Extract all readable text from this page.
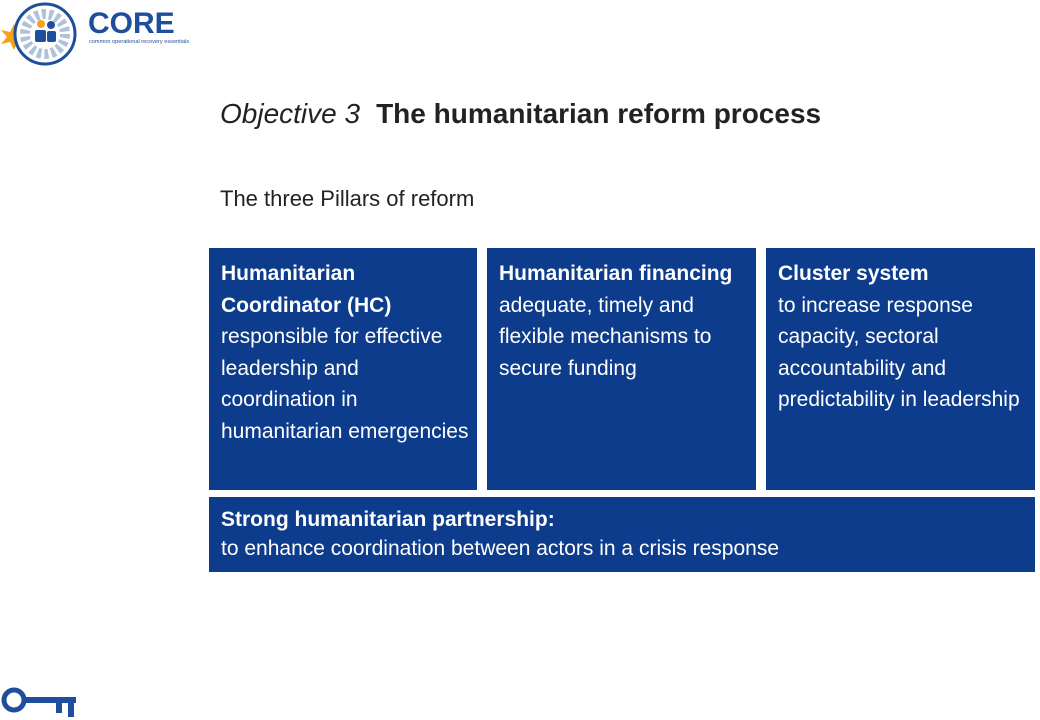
CORE
common operational recovery essentials
Objective 3 The humanitarian reform process
The three Pillars of reform
Humanitarian Coordinator (HC)
responsible for effective leadership and coordination in humanitarian emergencies
Humanitarian financing
adequate, timely and flexible mechanisms to secure funding
Cluster system
to increase response capacity, sectoral accountability and predictability in leadership
Strong humanitarian partnership:
to enhance coordination between actors in a crisis response
